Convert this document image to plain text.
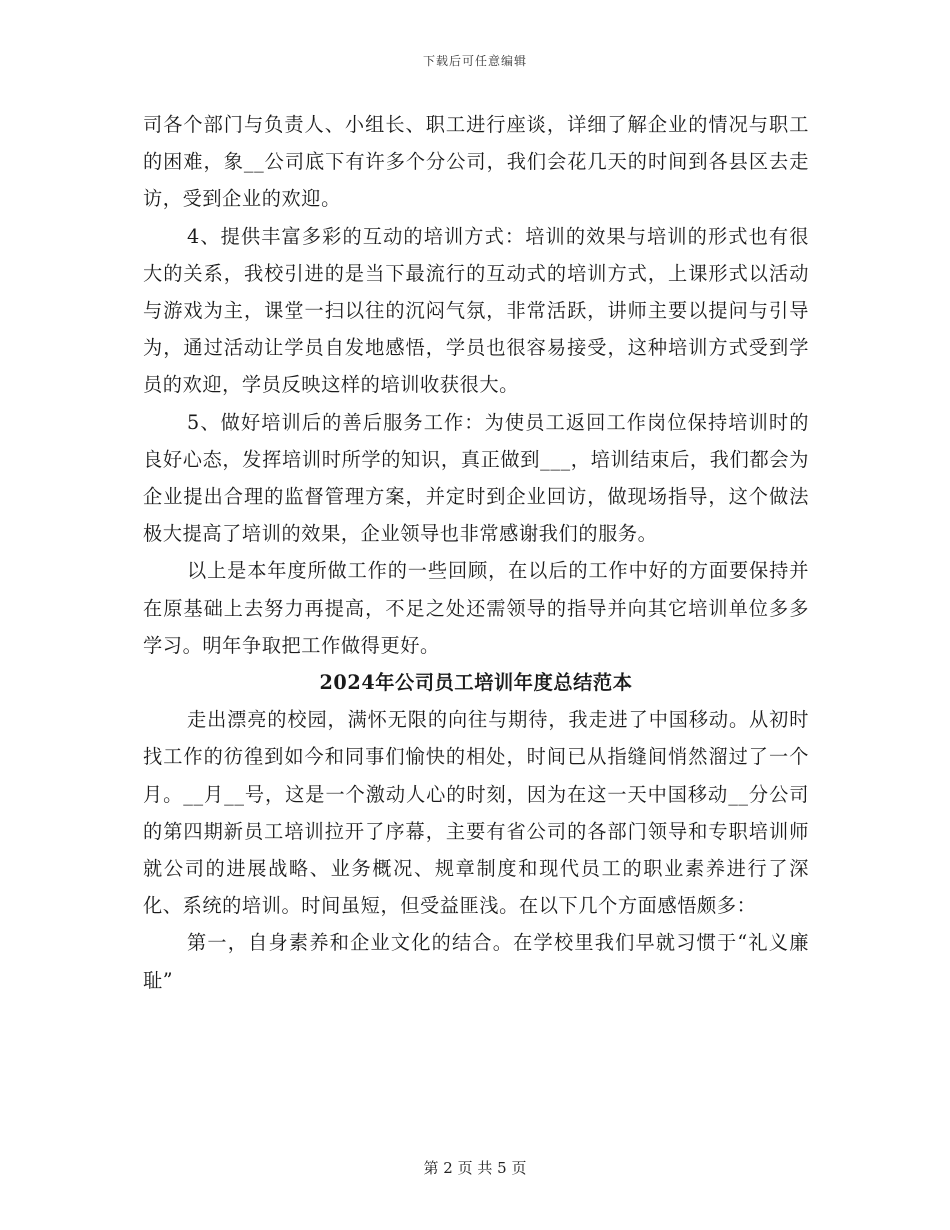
下载后可任意编辑

司各个部门与负责人、小组长、职工进行座谈，详细了解企业的情况与职工的困难，象__公司底下有许多个分公司，我们会花几天的时间到各县区去走访，受到企业的欢迎。

4、提供丰富多彩的互动的培训方式：培训的效果与培训的形式也有很大的关系，我校引进的是当下最流行的互动式的培训方式，上课形式以活动与游戏为主，课堂一扫以往的沉闷气氛，非常活跃，讲师主要以提问与引导为，通过活动让学员自发地感悟，学员也很容易接受，这种培训方式受到学员的欢迎，学员反映这样的培训收获很大。

5、做好培训后的善后服务工作：为使员工返回工作岗位保持培训时的良好心态，发挥培训时所学的知识，真正做到___，培训结束后，我们都会为企业提出合理的监督管理方案，并定时到企业回访，做现场指导，这个做法极大提高了培训的效果，企业领导也非常感谢我们的服务。

以上是本年度所做工作的一些回顾，在以后的工作中好的方面要保持并在原基础上去努力再提高，不足之处还需领导的指导并向其它培训单位多多学习。明年争取把工作做得更好。

2024年公司员工培训年度总结范本

走出漂亮的校园，满怀无限的向往与期待，我走进了中国移动。从初时找工作的彷徨到如今和同事们愉快的相处，时间已从指缝间悄然溜过了一个月。__月__号，这是一个激动人心的时刻，因为在这一天中国移动__分公司的第四期新员工培训拉开了序幕，主要有省公司的各部门领导和专职培训师就公司的进展战略、业务概况、规章制度和现代员工的职业素养进行了深化、系统的培训。时间虽短，但受益匪浅。在以下几个方面感悟颇多：

第一，自身素养和企业文化的结合。在学校里我们早就习惯于“礼义廉耻”

第 2 页 共 5 页
